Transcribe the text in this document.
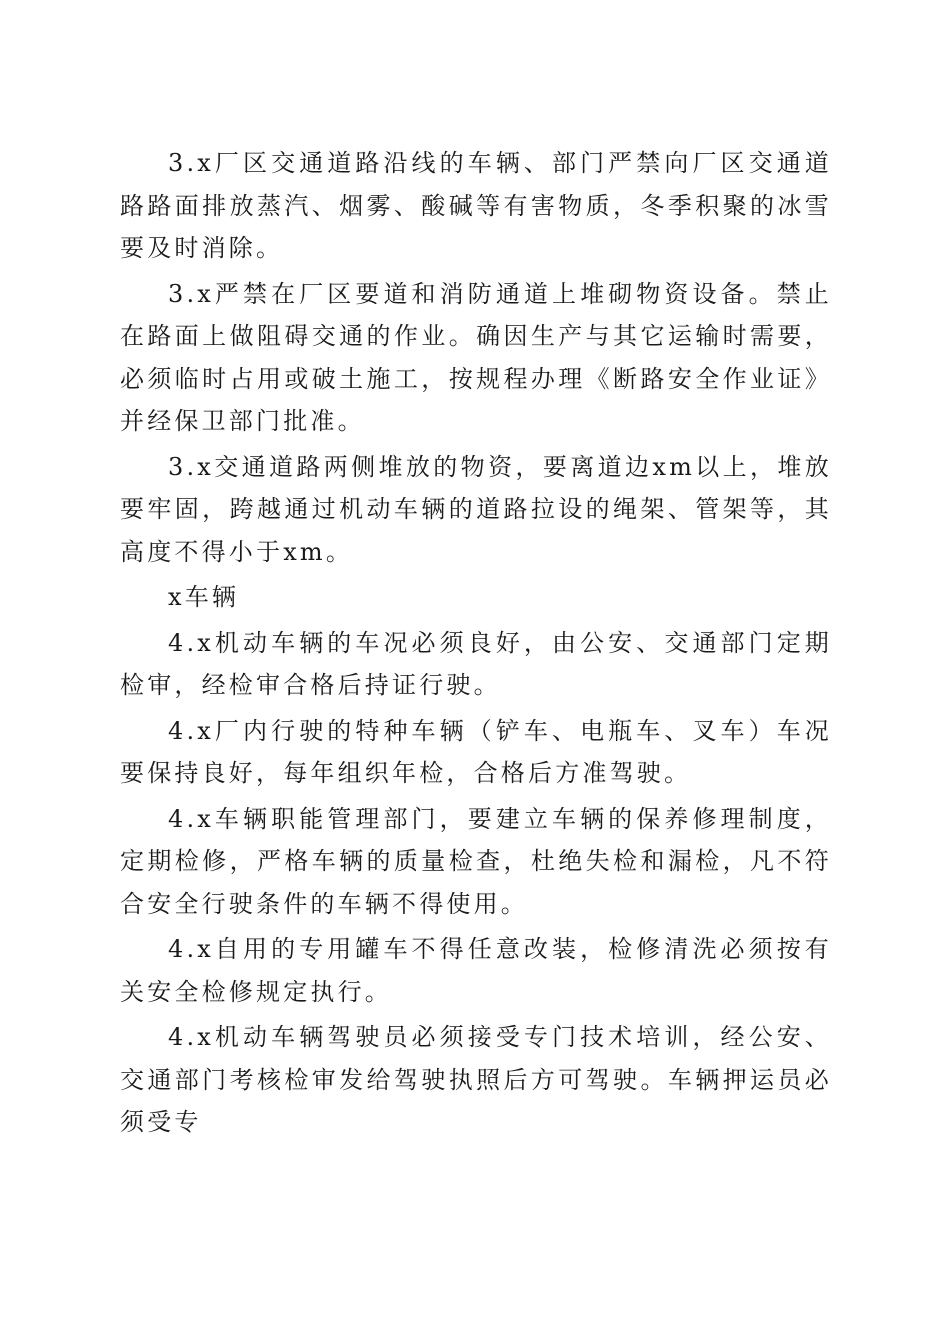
3.x厂区交通道路沿线的车辆、部门严禁向厂区交通道路路面排放蒸汽、烟雾、酸碱等有害物质，冬季积聚的冰雪要及时消除。

3.x严禁在厂区要道和消防通道上堆砌物资设备。禁止在路面上做阻碍交通的作业。确因生产与其它运输时需要，必须临时占用或破土施工，按规程办理《断路安全作业证》并经保卫部门批准。

3.x交通道路两侧堆放的物资，要离道边xm以上，堆放要牢固，跨越通过机动车辆的道路拉设的绳架、管架等，其高度不得小于xm。

x车辆

4.x机动车辆的车况必须良好，由公安、交通部门定期检审，经检审合格后持证行驶。

4.x厂内行驶的特种车辆（铲车、电瓶车、叉车）车况要保持良好，每年组织年检，合格后方准驾驶。

4.x车辆职能管理部门，要建立车辆的保养修理制度，定期检修，严格车辆的质量检查，杜绝失检和漏检，凡不符合安全行驶条件的车辆不得使用。

4.x自用的专用罐车不得任意改装，检修清洗必须按有关安全检修规定执行。

4.x机动车辆驾驶员必须接受专门技术培训，经公安、交通部门考核检审发给驾驶执照后方可驾驶。车辆押运员必须受专
